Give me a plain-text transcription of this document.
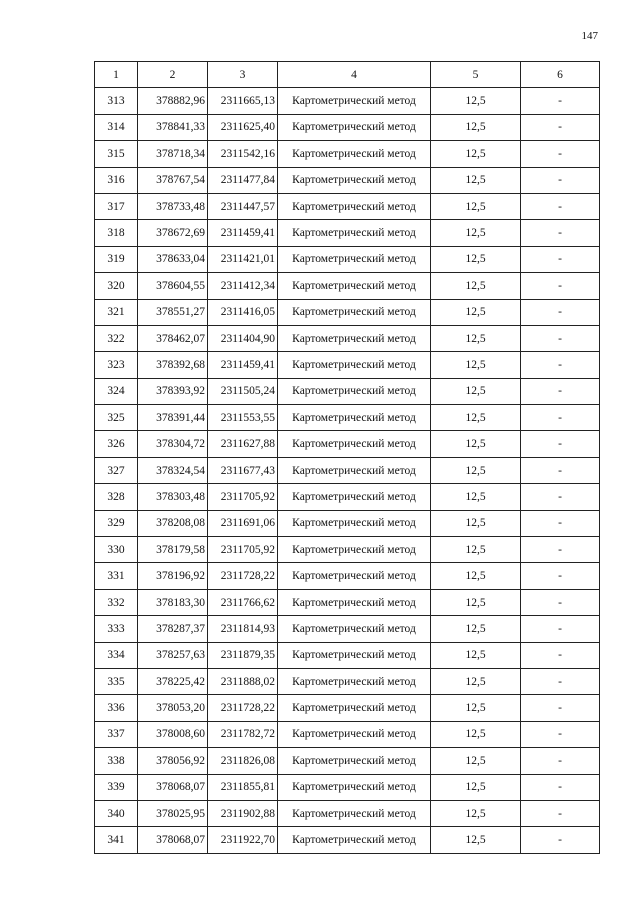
147
1	2	3	4	5	6
313	378882,96	2311665,13	Картометрический метод	12,5	-
314	378841,33	2311625,40	Картометрический метод	12,5	-
315	378718,34	2311542,16	Картометрический метод	12,5	-
316	378767,54	2311477,84	Картометрический метод	12,5	-
317	378733,48	2311447,57	Картометрический метод	12,5	-
318	378672,69	2311459,41	Картометрический метод	12,5	-
319	378633,04	2311421,01	Картометрический метод	12,5	-
320	378604,55	2311412,34	Картометрический метод	12,5	-
321	378551,27	2311416,05	Картометрический метод	12,5	-
322	378462,07	2311404,90	Картометрический метод	12,5	-
323	378392,68	2311459,41	Картометрический метод	12,5	-
324	378393,92	2311505,24	Картометрический метод	12,5	-
325	378391,44	2311553,55	Картометрический метод	12,5	-
326	378304,72	2311627,88	Картометрический метод	12,5	-
327	378324,54	2311677,43	Картометрический метод	12,5	-
328	378303,48	2311705,92	Картометрический метод	12,5	-
329	378208,08	2311691,06	Картометрический метод	12,5	-
330	378179,58	2311705,92	Картометрический метод	12,5	-
331	378196,92	2311728,22	Картометрический метод	12,5	-
332	378183,30	2311766,62	Картометрический метод	12,5	-
333	378287,37	2311814,93	Картометрический метод	12,5	-
334	378257,63	2311879,35	Картометрический метод	12,5	-
335	378225,42	2311888,02	Картометрический метод	12,5	-
336	378053,20	2311728,22	Картометрический метод	12,5	-
337	378008,60	2311782,72	Картометрический метод	12,5	-
338	378056,92	2311826,08	Картометрический метод	12,5	-
339	378068,07	2311855,81	Картометрический метод	12,5	-
340	378025,95	2311902,88	Картометрический метод	12,5	-
341	378068,07	2311922,70	Картометрический метод	12,5	-
